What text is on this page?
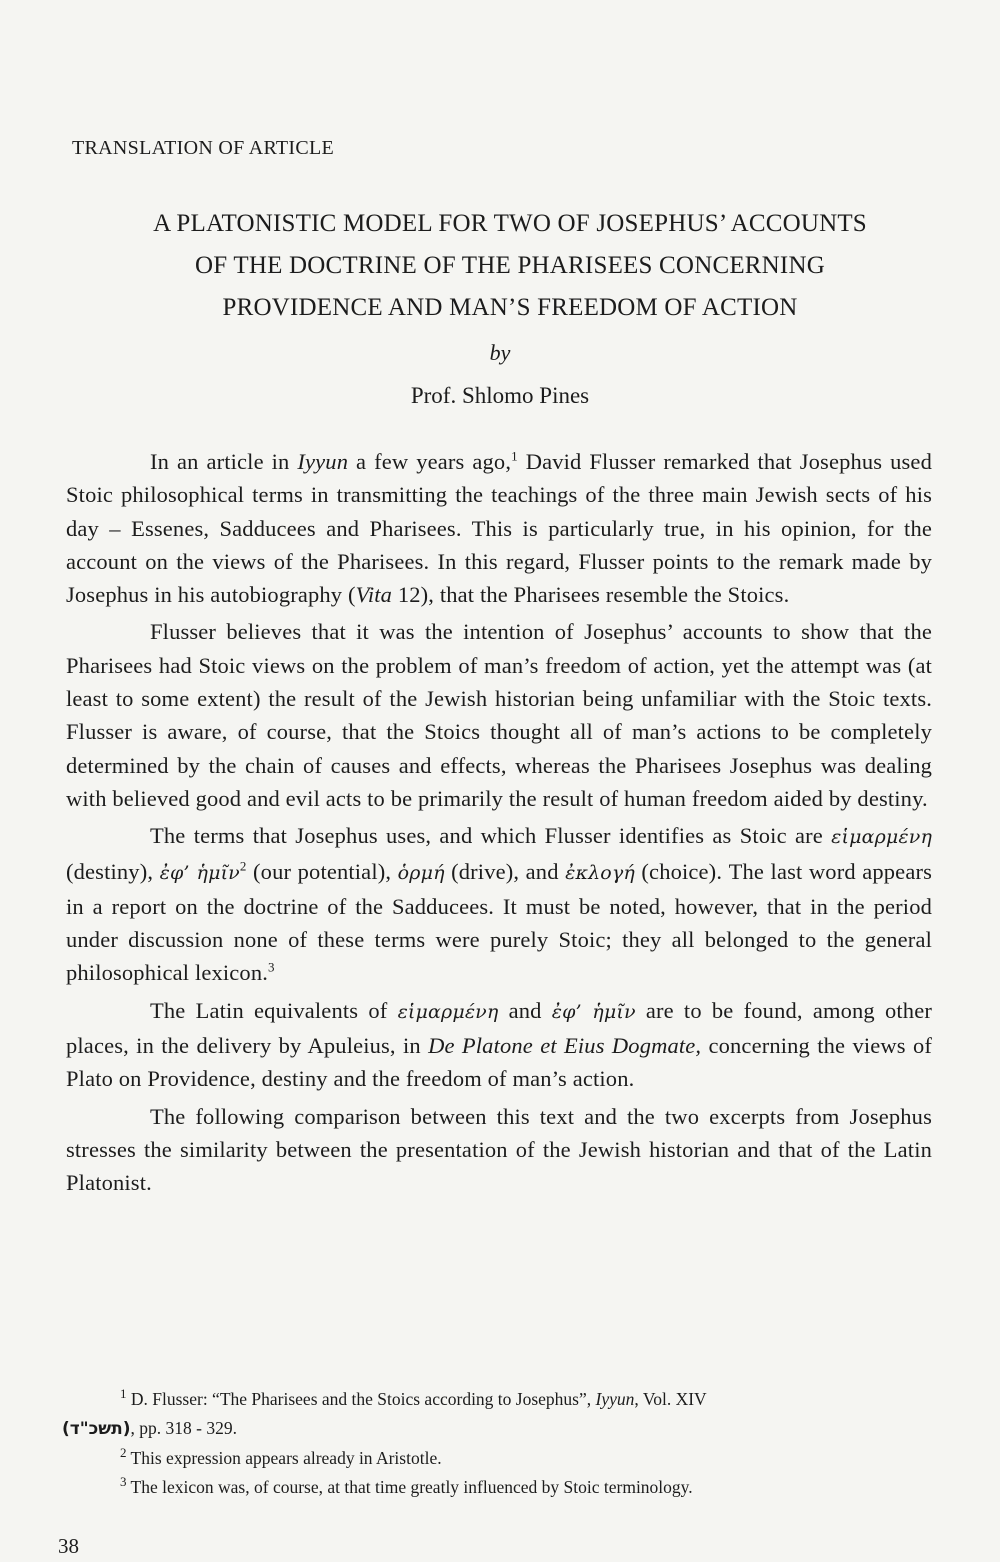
TRANSLATION OF ARTICLE
A PLATONISTIC MODEL FOR TWO OF JOSEPHUS’ ACCOUNTS
OF THE DOCTRINE OF THE PHARISEES CONCERNING
PROVIDENCE AND MAN’S FREEDOM OF ACTION
by
Prof. Shlomo Pines

In an article in Iyyun a few years ago,$^1$ David Flusser remarked that Josephus used Stoic philosophical terms in transmitting the teachings of the three main Jewish sects of his day – Essenes, Sadducees and Pharisees. This is particularly true, in his opinion, for the account on the views of the Pharisees. In this regard, Flusser points to the remark made by Josephus in his autobiography (Vita 12), that the Pharisees resemble the Stoics.

Flusser believes that it was the intention of Josephus’ accounts to show that the Pharisees had Stoic views on the problem of man’s freedom of action, yet the attempt was (at least to some extent) the result of the Jewish historian being unfamiliar with the Stoic texts. Flusser is aware, of course, that the Stoics thought all of man’s actions to be completely determined by the chain of causes and effects, whereas the Pharisees Josephus was dealing with believed good and evil acts to be primarily the result of human freedom aided by destiny.

The terms that Josephus uses, and which Flusser identifies as Stoic are εἱμαρμένη (destiny), ἐφ’ ἡμῖν$^2$ (our potential), ὁρμή (drive), and ἐκλογή (choice). The last word appears in a report on the doctrine of the Sadducees. It must be noted, however, that in the period under discussion none of these terms were purely Stoic; they all belonged to the general philosophical lexicon.$^3$

The Latin equivalents of εἱμαρμένη and ἐφ’ ἡμῖν are to be found, among other places, in the delivery by Apuleius, in De Platone et Eius Dogmate, concerning the views of Plato on Providence, destiny and the freedom of man’s action.

The following comparison between this text and the two excerpts from Josephus stresses the similarity between the presentation of the Jewish historian and that of the Latin Platonist.

$^1$ D. Flusser: “The Pharisees and the Stoics according to Josephus”, Iyyun, Vol. XIV
(תשכ"ד), pp. 318 - 329.

$^2$ This expression appears already in Aristotle.

$^3$ The lexicon was, of course, at that time greatly influenced by Stoic terminology.

38
